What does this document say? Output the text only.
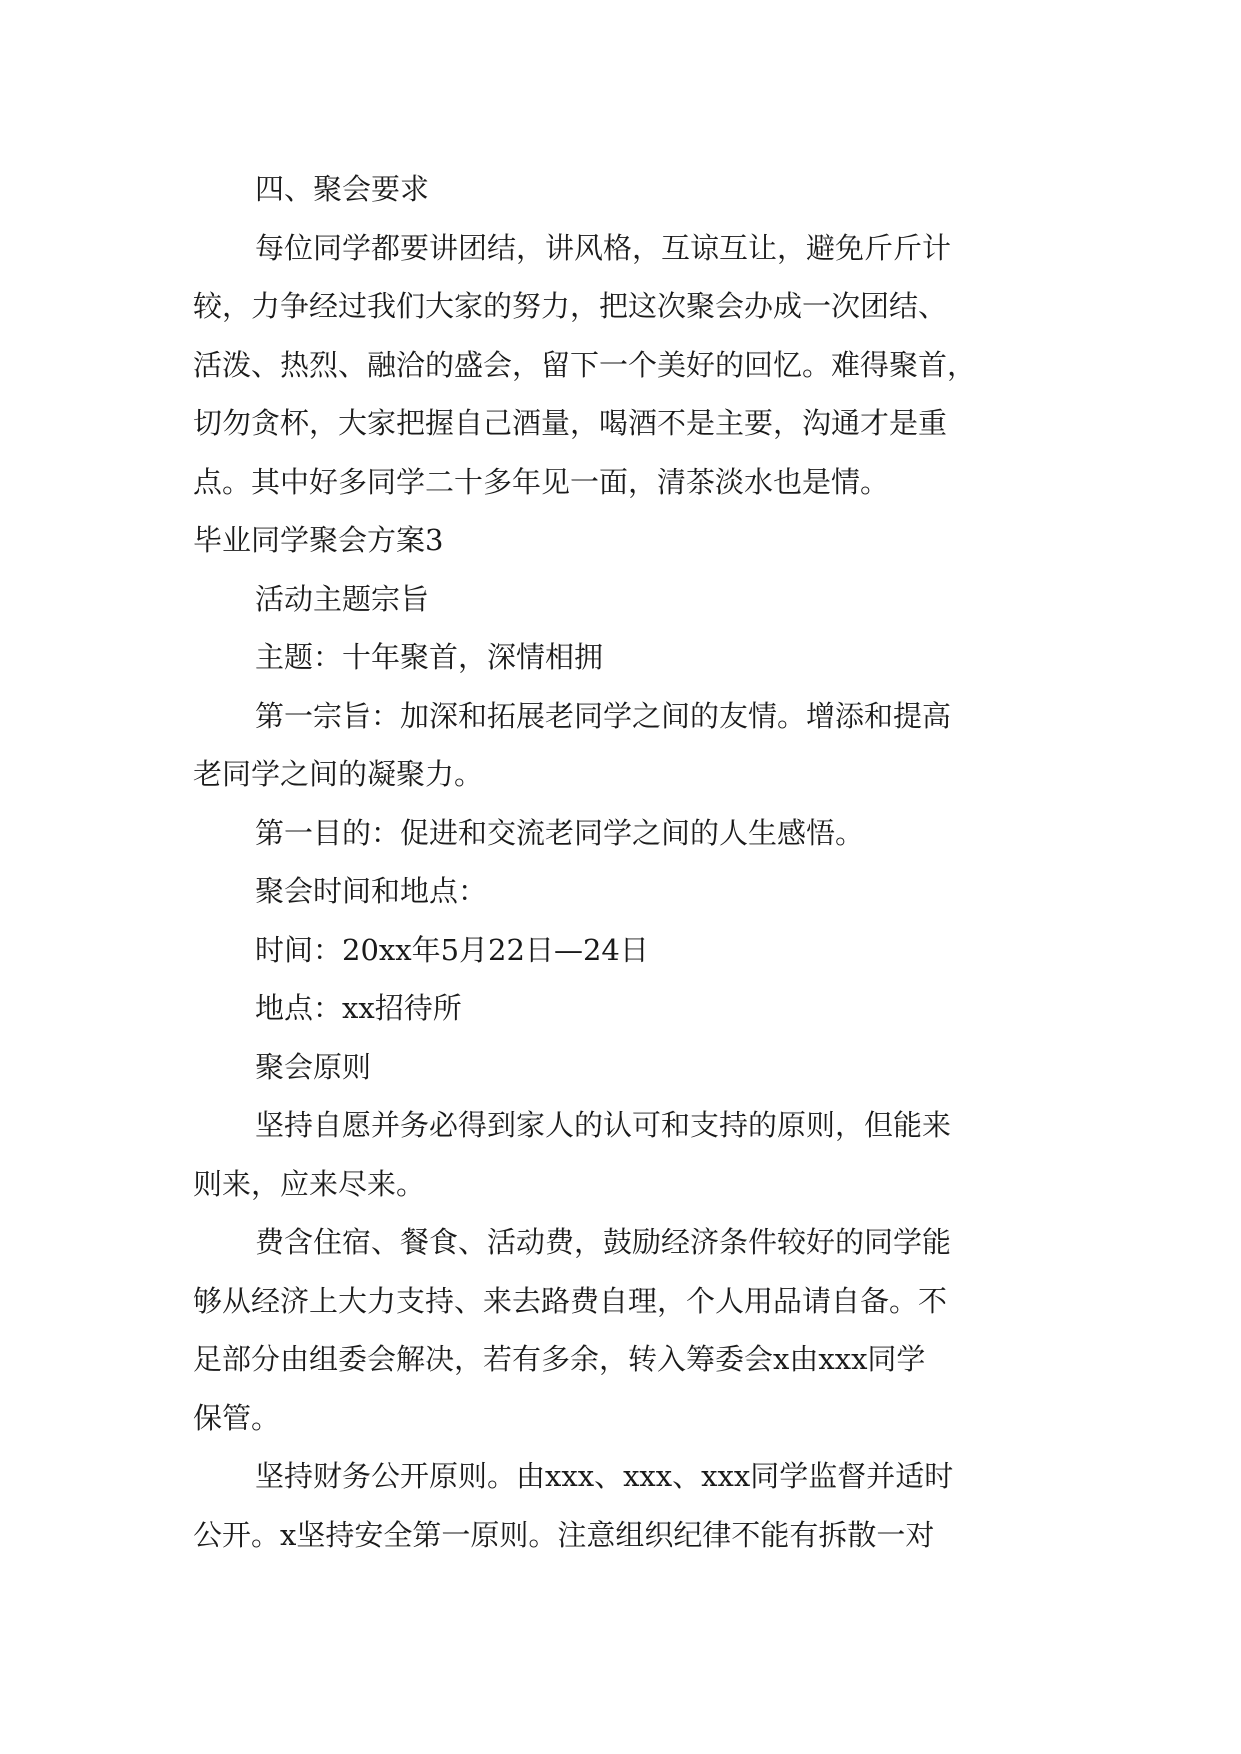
四、聚会要求
每位同学都要讲团结，讲风格，互谅互让，避免斤斤计
较，力争经过我们大家的努力，把这次聚会办成一次团结、
活泼、热烈、融洽的盛会，留下一个美好的回忆。难得聚首，
切勿贪杯，大家把握自己酒量，喝酒不是主要，沟通才是重
点。其中好多同学二十多年见一面，清茶淡水也是情。
毕业同学聚会方案3
活动主题宗旨
主题：十年聚首，深情相拥
第一宗旨：加深和拓展老同学之间的友情。增添和提高
老同学之间的凝聚力。
第一目的：促进和交流老同学之间的人生感悟。
聚会时间和地点：
时间：20xx年5月22日—24日
地点：xx招待所
聚会原则
坚持自愿并务必得到家人的认可和支持的原则，但能来
则来，应来尽来。
费含住宿、餐食、活动费，鼓励经济条件较好的同学能
够从经济上大力支持、来去路费自理，个人用品请自备。不
足部分由组委会解决，若有多余，转入筹委会x由xxx同学
保管。
坚持财务公开原则。由xxx、xxx、xxx同学监督并适时
公开。x坚持安全第一原则。注意组织纪律不能有拆散一对
